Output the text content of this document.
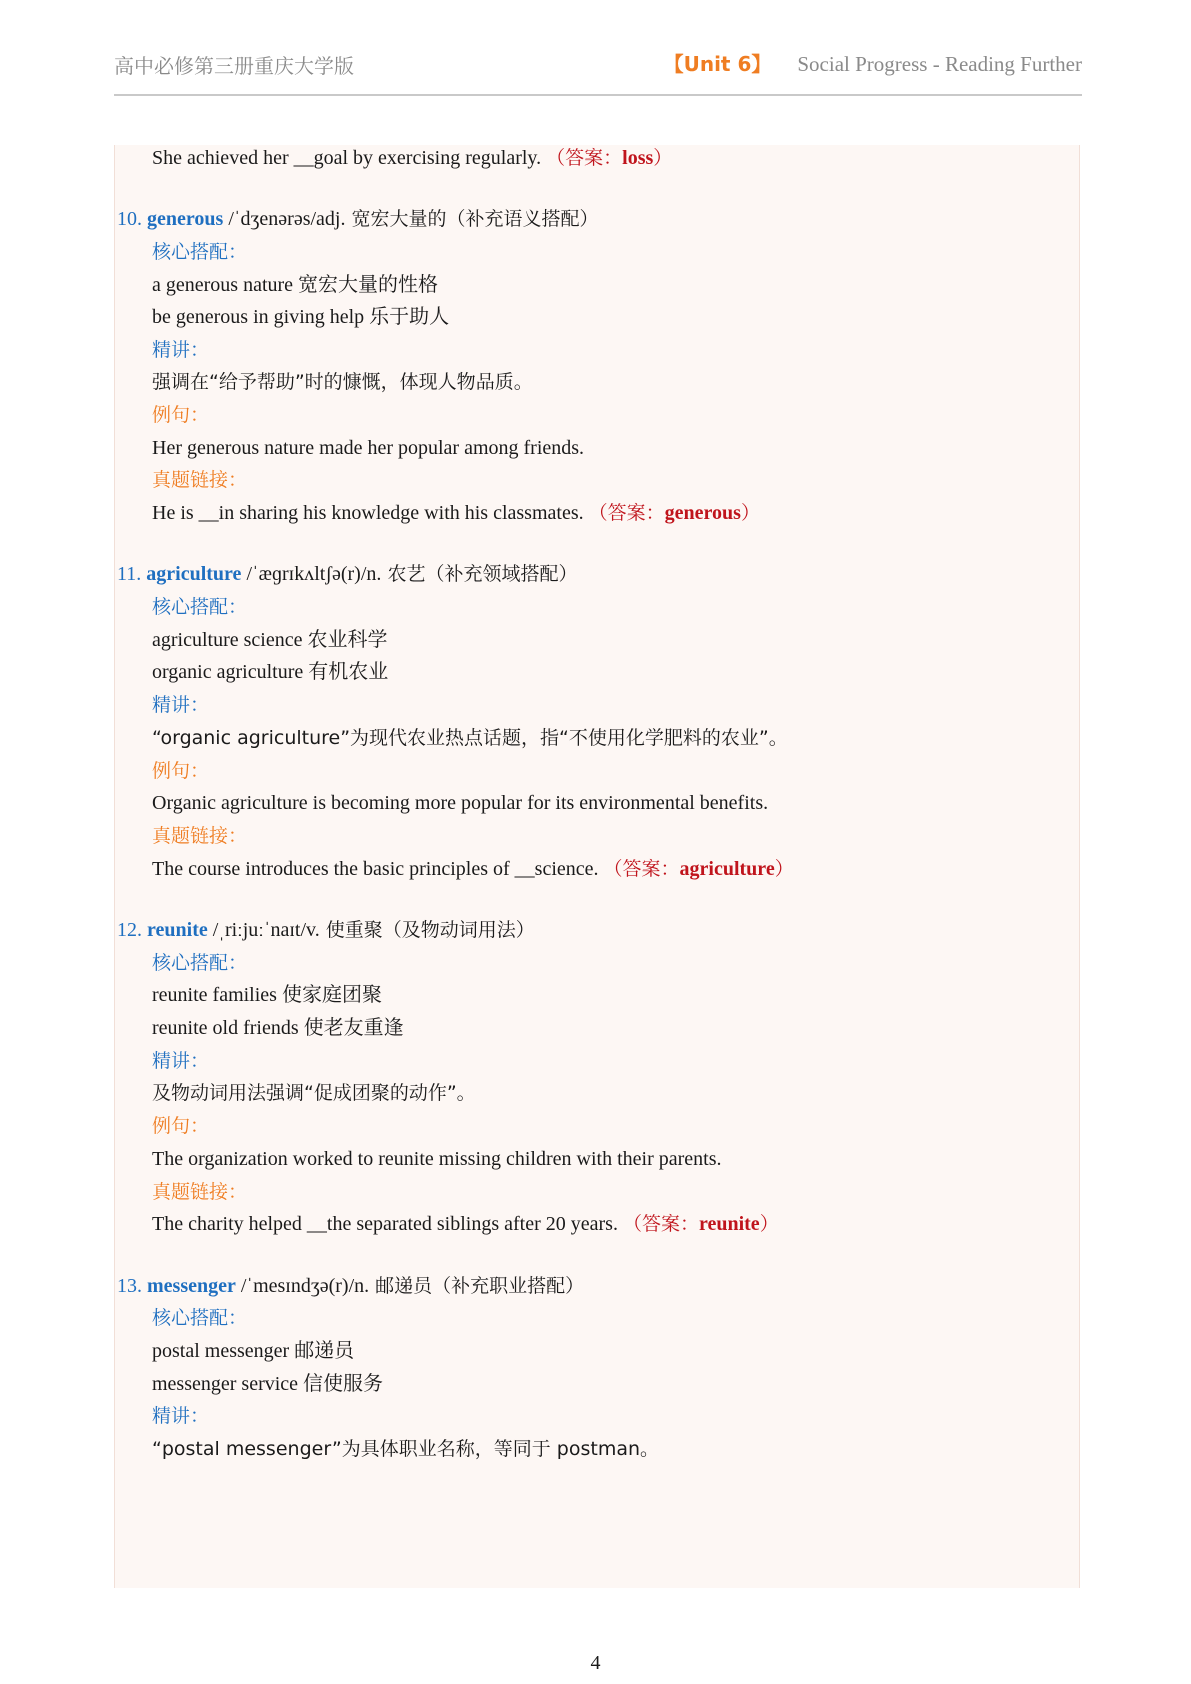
高中必修第三册重庆大学版	【Unit 6】 Social Progress - Reading Further
She achieved her __goal by exercising regularly. （答案：loss）
10. generous /ˈdʒenərəs/adj. 宽宏大量的（补充语义搭配）
核心搭配：
a generous nature 宽宏大量的性格
be generous in giving help 乐于助人
精讲：
强调在“给予帮助”时的慷慨，体现人物品质。
例句：
Her generous nature made her popular among friends.
真题链接：
He is __in sharing his knowledge with his classmates. （答案：generous）
11. agriculture /ˈæɡrɪkʌltʃə(r)/n. 农艺（补充领域搭配）
核心搭配：
agriculture science 农业科学
organic agriculture 有机农业
精讲：
“organic agriculture”为现代农业热点话题，指“不使用化学肥料的农业”。
例句：
Organic agriculture is becoming more popular for its environmental benefits.
真题链接：
The course introduces the basic principles of __science. （答案：agriculture）
12. reunite /ˌriːjuːˈnaɪt/v. 使重聚（及物动词用法）
核心搭配：
reunite families 使家庭团聚
reunite old friends 使老友重逢
精讲：
及物动词用法强调“促成团聚的动作”。
例句：
The organization worked to reunite missing children with their parents.
真题链接：
The charity helped __the separated siblings after 20 years. （答案：reunite）
13. messenger /ˈmesɪndʒə(r)/n. 邮递员（补充职业搭配）
核心搭配：
postal messenger 邮递员
messenger service 信使服务
精讲：
“postal messenger”为具体职业名称，等同于 postman。
4
